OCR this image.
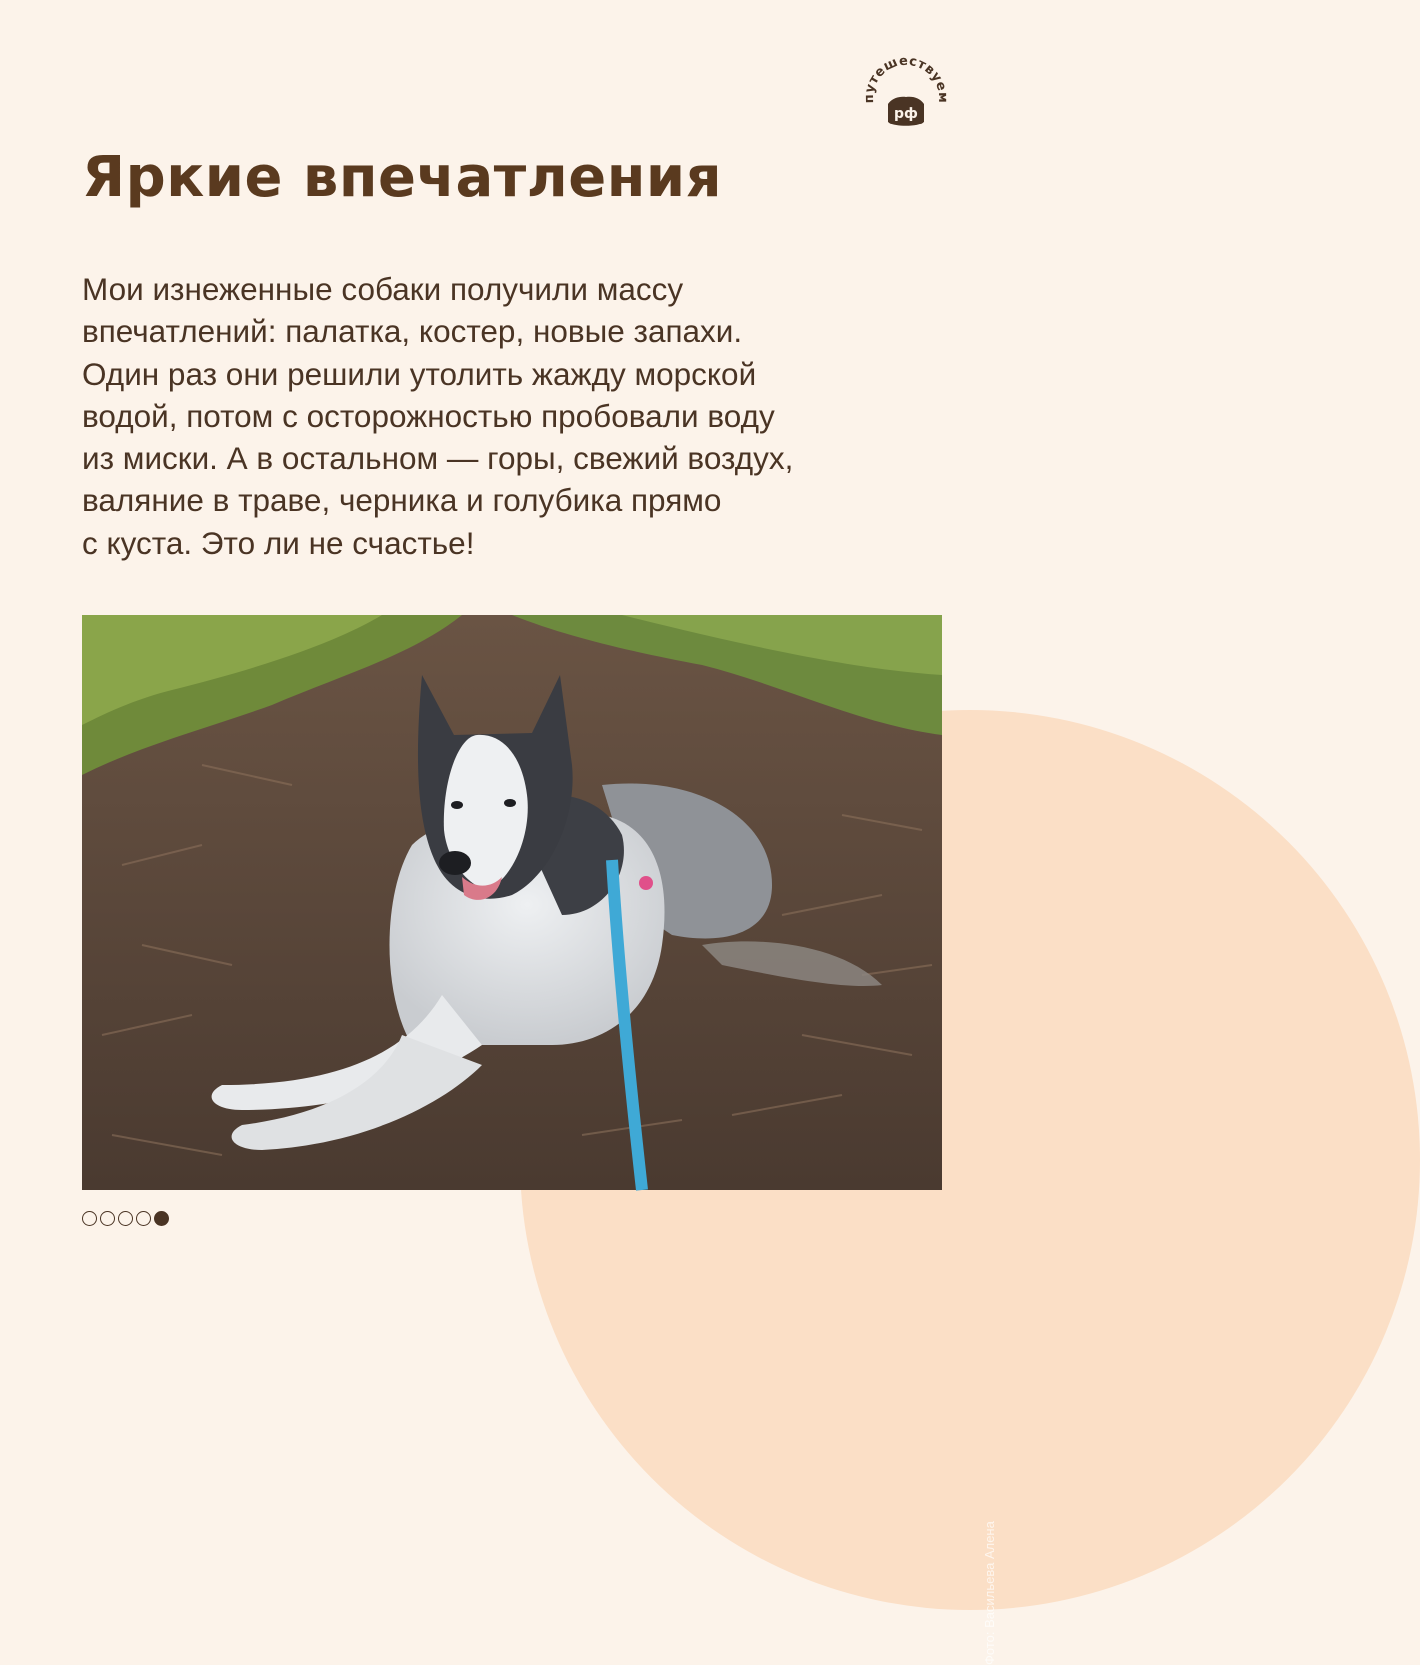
путешествуем
рф
Яркие впечатления
Мои изнеженные собаки получили массу
впечатлений: палатка, костер, новые запахи.
Один раз они решили утолить жажду морской
водой, потом с осторожностью пробовали воду
из миски. А в остальном — горы, свежий воздух,
валяние в траве, черника и голубика прямо
с куста. Это ли не счастье!
Фото: Васильева Алена
